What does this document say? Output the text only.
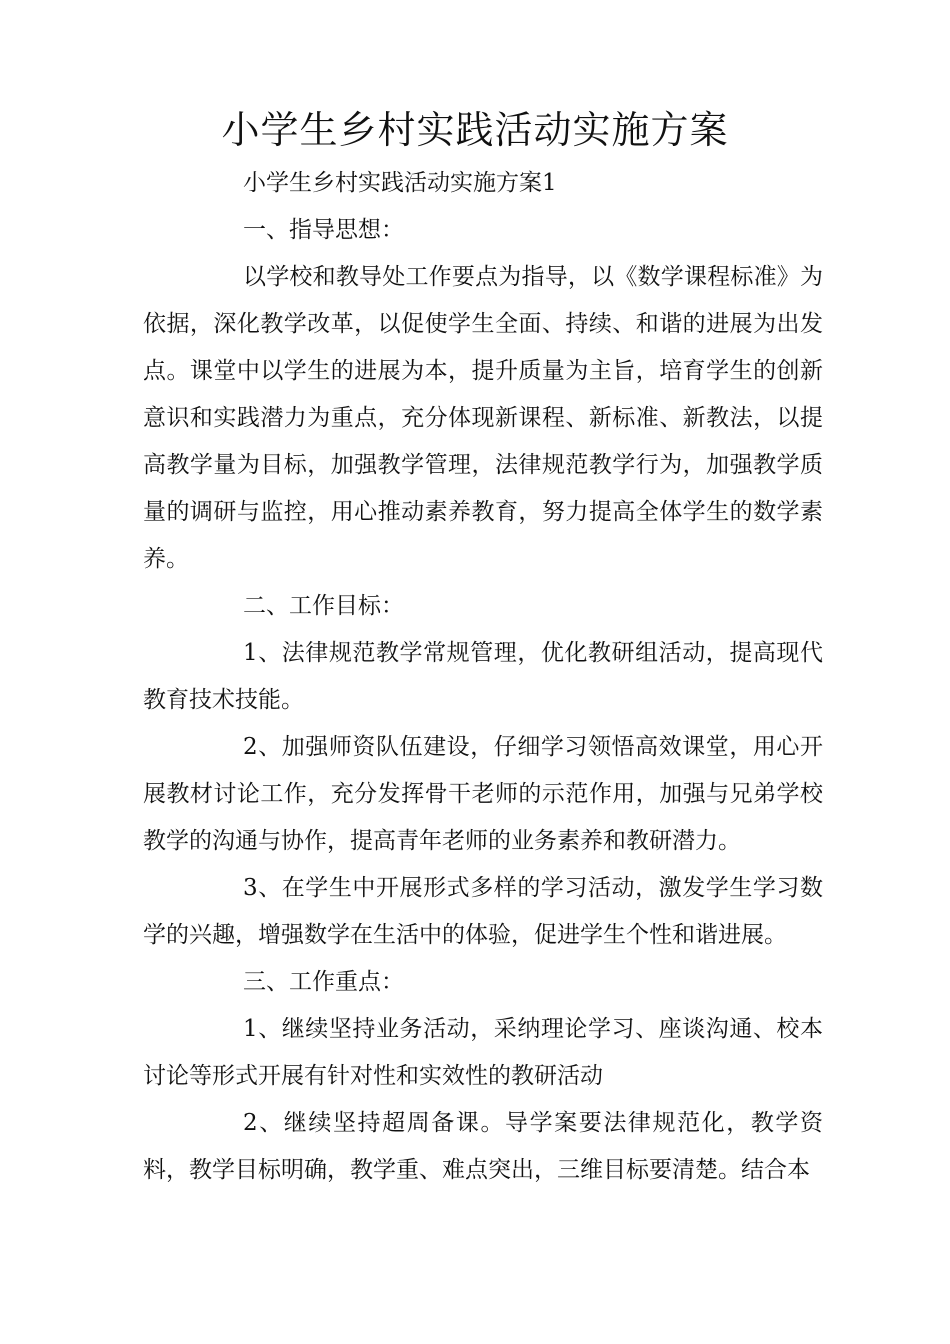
小学生乡村实践活动实施方案

小学生乡村实践活动实施方案1

一、指导思想：

以学校和教导处工作要点为指导，以《数学课程标准》为依据，深化教学改革，以促使学生全面、持续、和谐的进展为出发点。课堂中以学生的进展为本，提升质量为主旨，培育学生的创新意识和实践潜力为重点，充分体现新课程、新标准、新教法，以提高教学量为目标，加强教学管理，法律规范教学行为，加强教学质量的调研与监控，用心推动素养教育，努力提高全体学生的数学素养。

二、工作目标：

1、法律规范教学常规管理，优化教研组活动，提高现代教育技术技能。

2、加强师资队伍建设，仔细学习领悟高效课堂，用心开展教材讨论工作，充分发挥骨干老师的示范作用，加强与兄弟学校教学的沟通与协作，提高青年老师的业务素养和教研潜力。

3、在学生中开展形式多样的学习活动，激发学生学习数学的兴趣，增强数学在生活中的体验，促进学生个性和谐进展。

三、工作重点：

1、继续坚持业务活动，采纳理论学习、座谈沟通、校本讨论等形式开展有针对性和实效性的教研活动

2、继续坚持超周备课。导学案要法律规范化，教学资料，教学目标明确，教学重、难点突出，三维目标要清楚。结合本
